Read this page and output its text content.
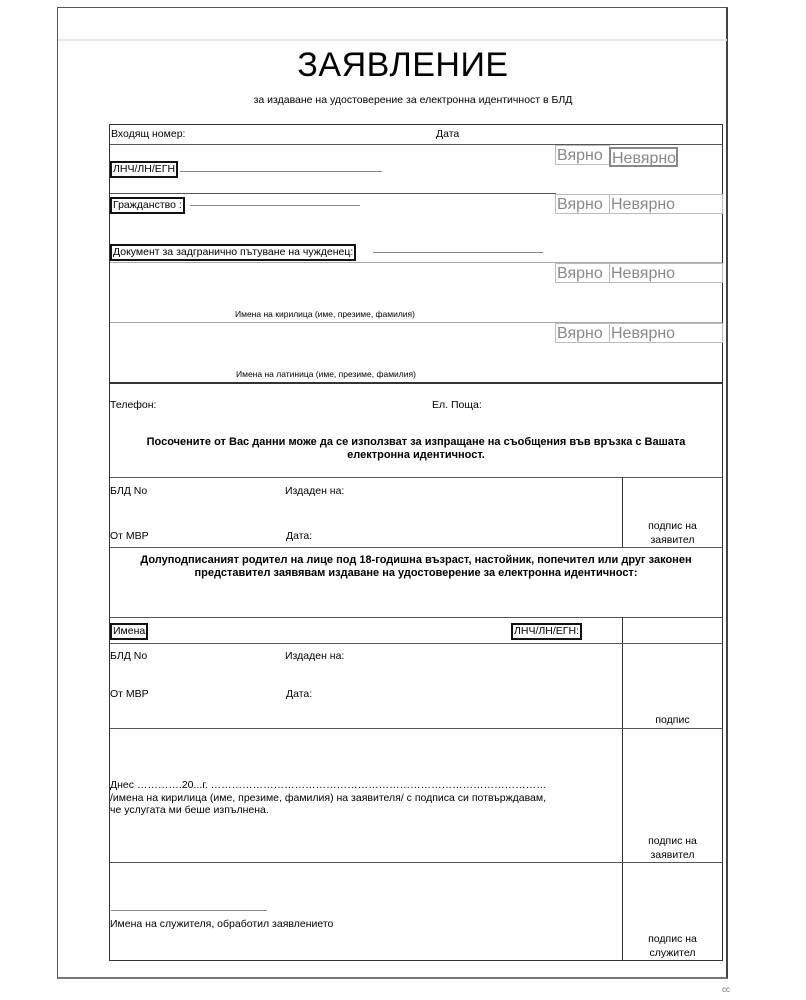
ЗАЯВЛЕНИЕ
за издаване на удостоверение за електронна идентичност в БЛД
Входящ номер:	Дата
ЛНЧ/ЛН/ЕГН
Вярно Невярно
Гражданство :	Вярно Невярно
Документ за задгранично пътуване на чужденец:
Вярно Невярно
Имена на кирилица (име, презиме, фамилия)
Вярно Невярно
Имена на латиница (име, презиме, фамилия)
Телефон:	Ел. Поща:
Посочените от Вас данни може да се използват за изпращане на съобщения във връзка с Вашата електронна идентичност.
БЛД No	Издаден на:
От МВР	Дата:
подпис на
заявител
Долуподписаният родител на лице под 18-годишна възраст, настойник, попечител или друг законен представител заявявам издаване на удостоверение за електронна идентичност:
Имена	ЛНЧ/ЛН/ЕГН:
БЛД No	Издаден на:
От МВР	Дата:
подпис
Днес ………….20...г. ……………………………………………………………………………………
/имена на кирилица (име, презиме, фамилия) на заявителя/ с подписа си потвърждавам,
че услугата ми беше изпълнена.
подпис на
заявител
Имена на служителя, обработил заявлението
подпис на
служител
cc
